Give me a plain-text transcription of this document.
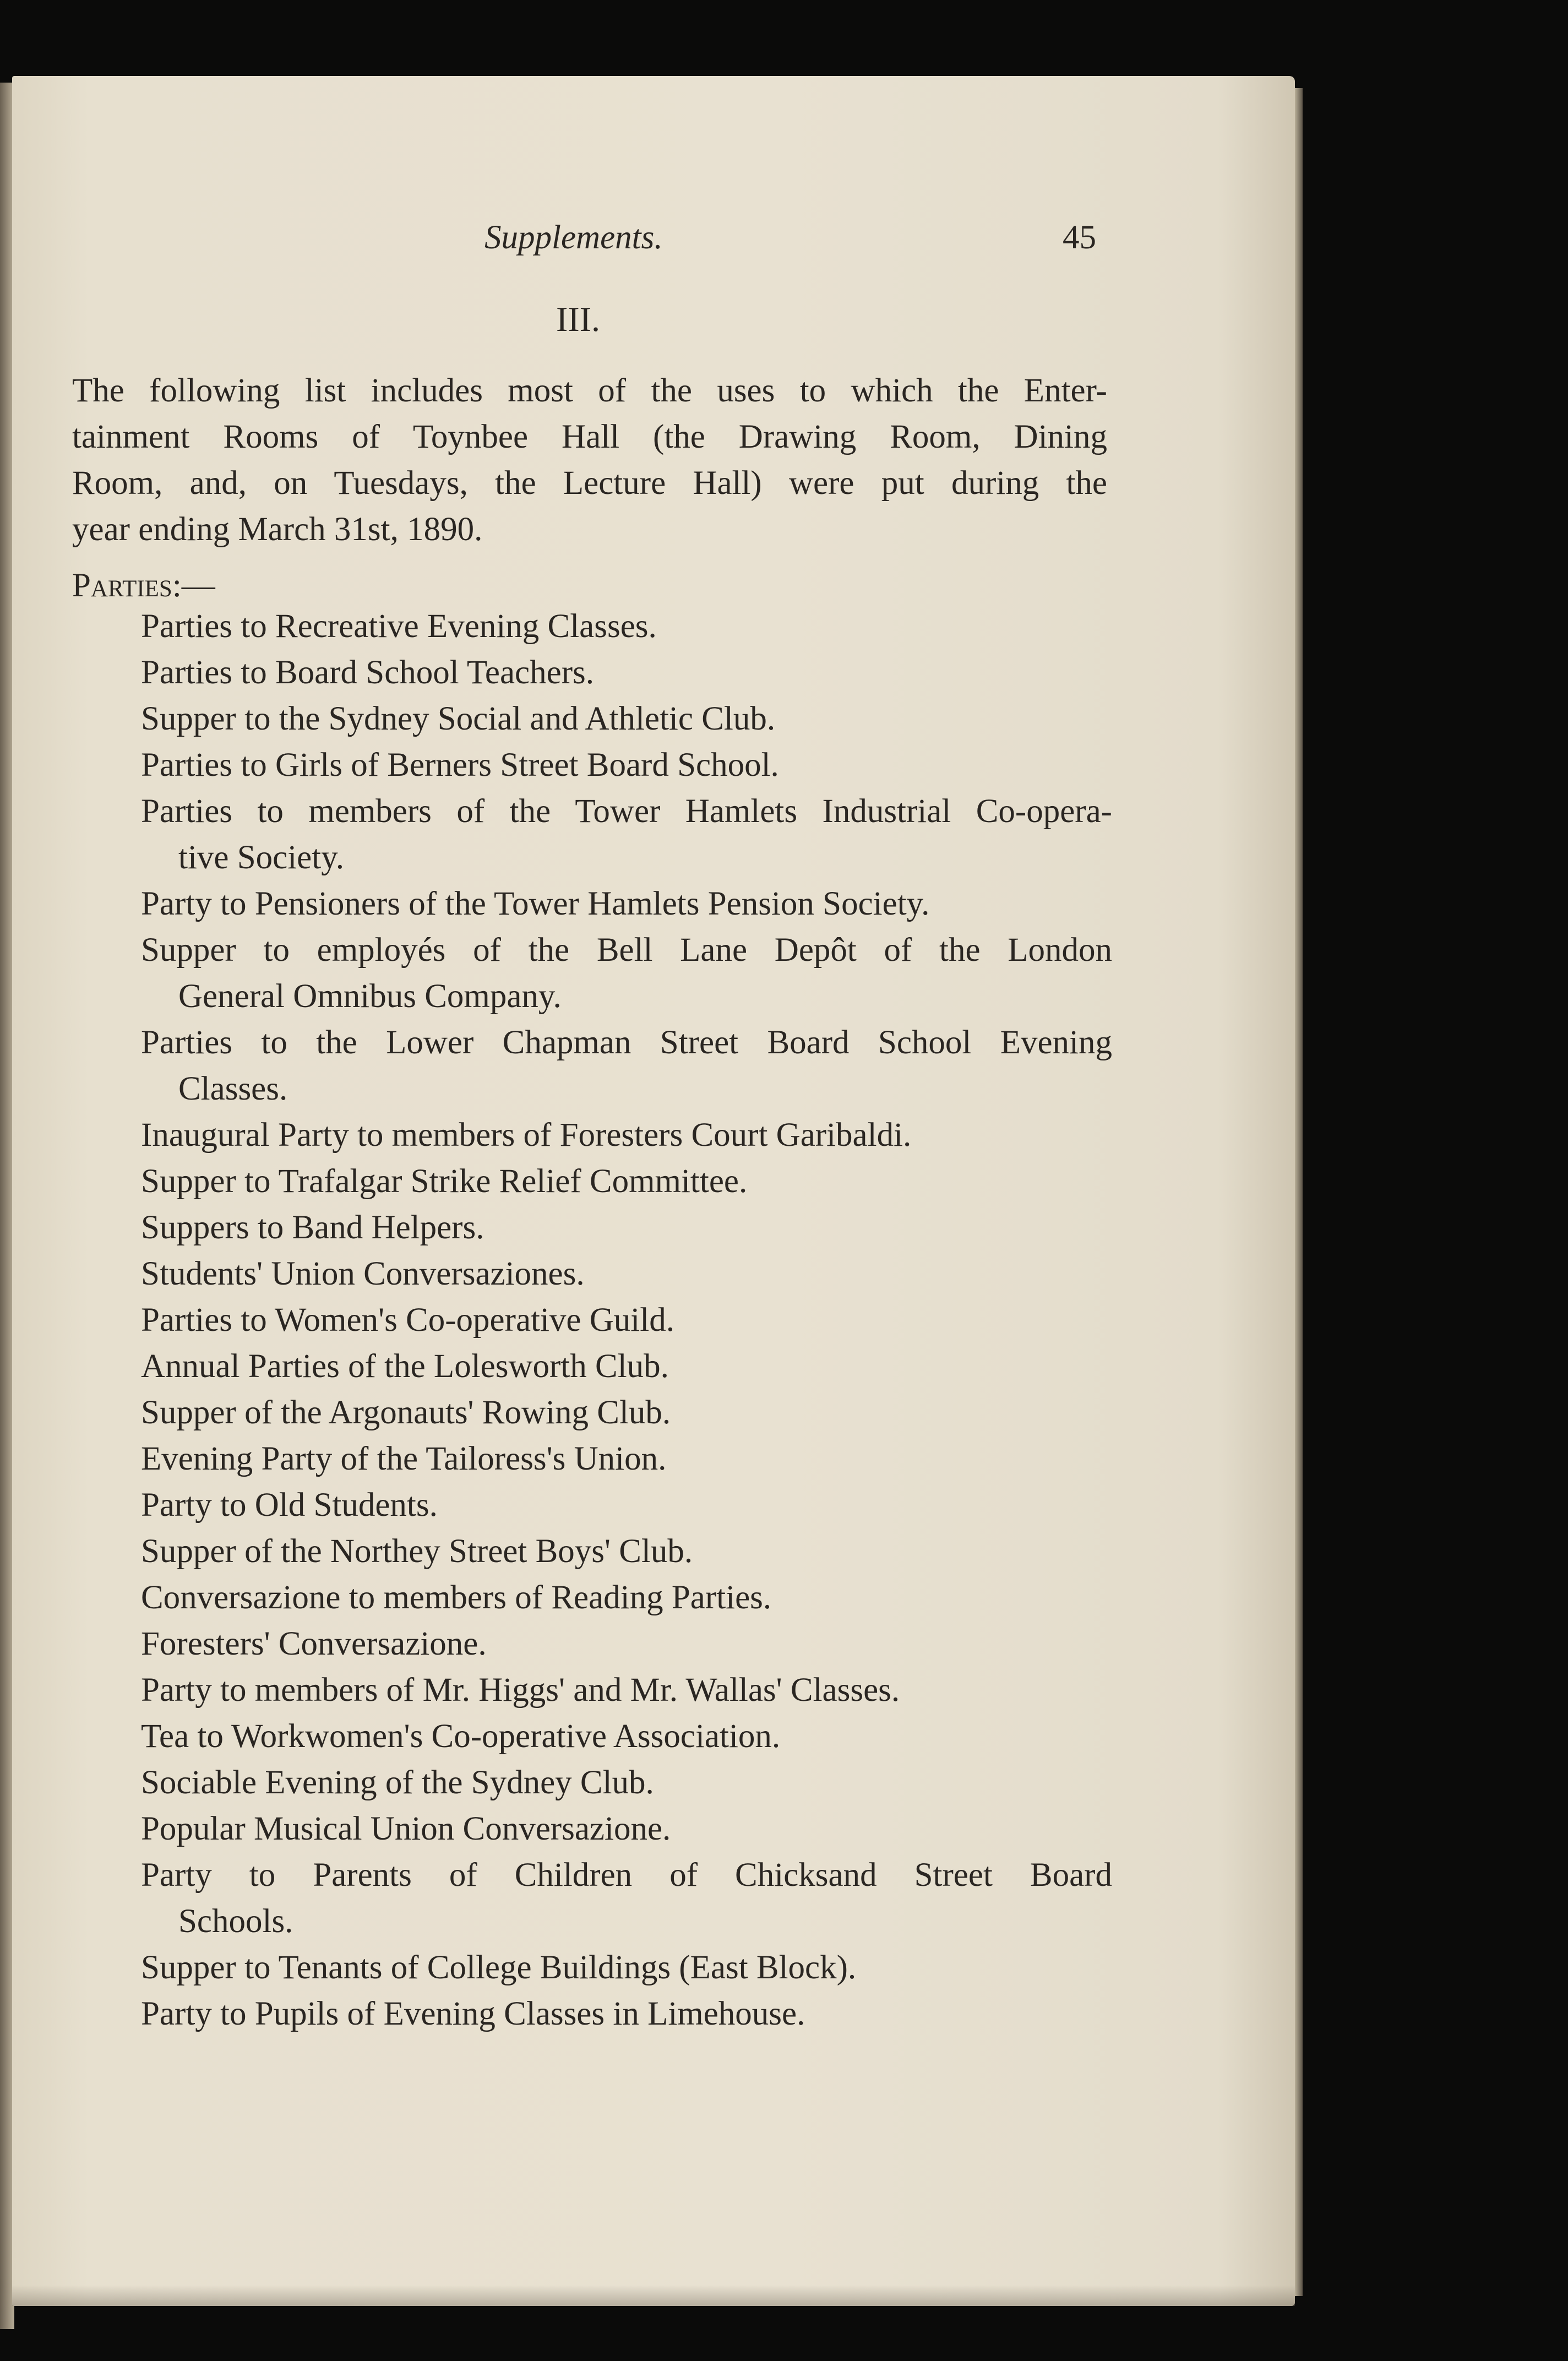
Supplements.	45
III.
The following list includes most of the uses to which the Enter-
tainment Rooms of Toynbee Hall (the Drawing Room, Dining
Room, and, on Tuesdays, the Lecture Hall) were put during the
year ending March 31st, 1890.
Parties:—
Parties to Recreative Evening Classes.
Parties to Board School Teachers.
Supper to the Sydney Social and Athletic Club.
Parties to Girls of Berners Street Board School.
Parties to members of the Tower Hamlets Industrial Co-opera-
tive Society.
Party to Pensioners of the Tower Hamlets Pension Society.
Supper to employés of the Bell Lane Depôt of the London
General Omnibus Company.
Parties to the Lower Chapman Street Board School Evening
Classes.
Inaugural Party to members of Foresters Court Garibaldi.
Supper to Trafalgar Strike Relief Committee.
Suppers to Band Helpers.
Students' Union Conversaziones.
Parties to Women's Co-operative Guild.
Annual Parties of the Lolesworth Club.
Supper of the Argonauts' Rowing Club.
Evening Party of the Tailoress's Union.
Party to Old Students.
Supper of the Northey Street Boys' Club.
Conversazione to members of Reading Parties.
Foresters' Conversazione.
Party to members of Mr. Higgs' and Mr. Wallas' Classes.
Tea to Workwomen's Co-operative Association.
Sociable Evening of the Sydney Club.
Popular Musical Union Conversazione.
Party to Parents of Children of Chicksand Street Board
Schools.
Supper to Tenants of College Buildings (East Block).
Party to Pupils of Evening Classes in Limehouse.
